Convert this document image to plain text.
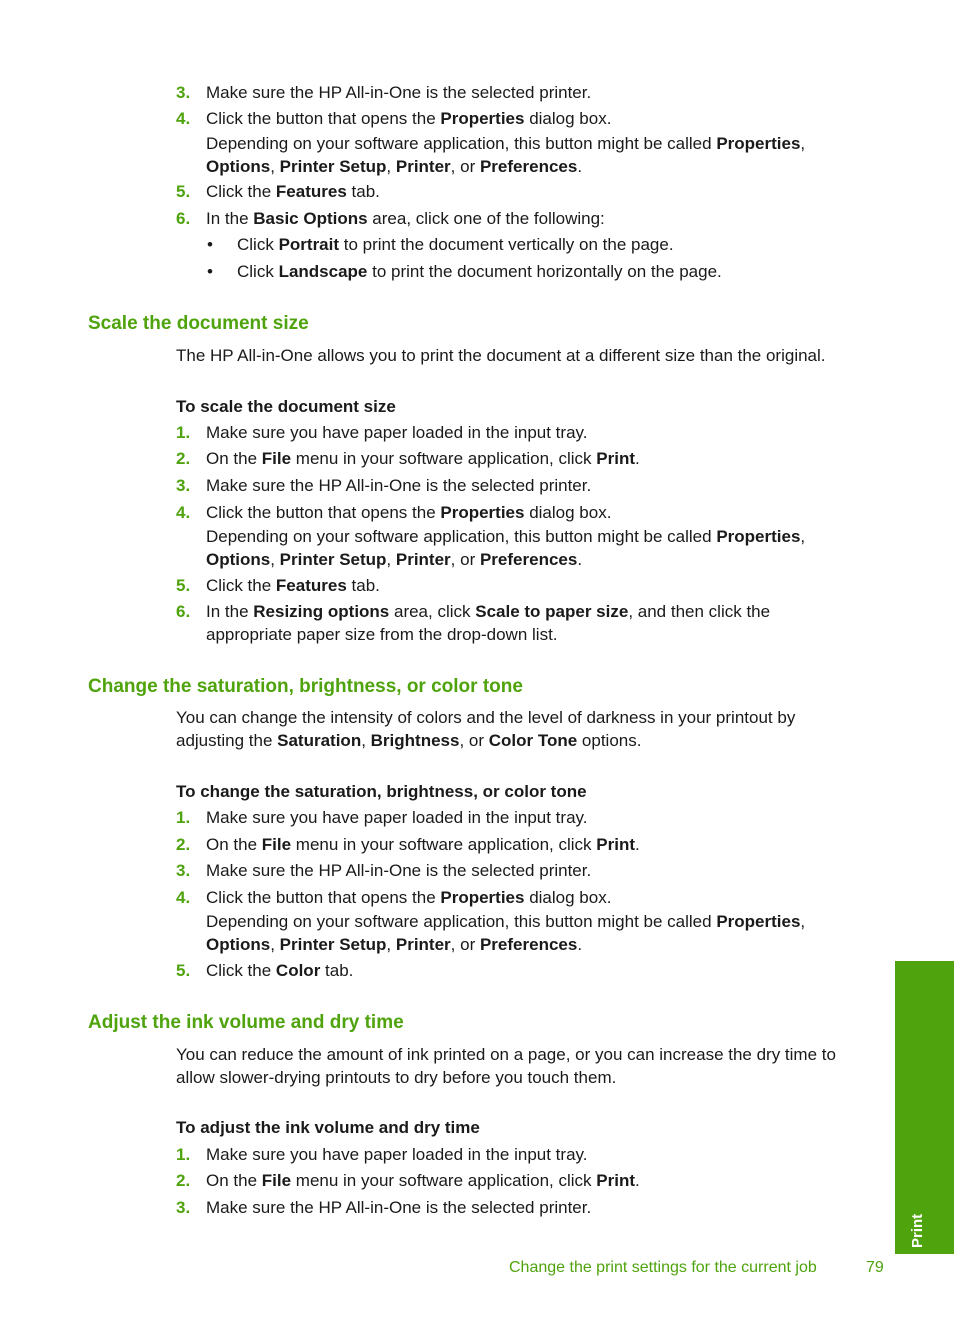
3. Make sure the HP All-in-One is the selected printer.
4. Click the button that opens the Properties dialog box.
Depending on your software application, this button might be called Properties,
Options, Printer Setup, Printer, or Preferences.
5. Click the Features tab.
6. In the Basic Options area, click one of the following:
• Click Portrait to print the document vertically on the page.
• Click Landscape to print the document horizontally on the page.
Scale the document size
The HP All-in-One allows you to print the document at a different size than the original.
To scale the document size
1. Make sure you have paper loaded in the input tray.
2. On the File menu in your software application, click Print.
3. Make sure the HP All-in-One is the selected printer.
4. Click the button that opens the Properties dialog box.
Depending on your software application, this button might be called Properties,
Options, Printer Setup, Printer, or Preferences.
5. Click the Features tab.
6. In the Resizing options area, click Scale to paper size, and then click the
appropriate paper size from the drop-down list.
Change the saturation, brightness, or color tone
You can change the intensity of colors and the level of darkness in your printout by
adjusting the Saturation, Brightness, or Color Tone options.
To change the saturation, brightness, or color tone
1. Make sure you have paper loaded in the input tray.
2. On the File menu in your software application, click Print.
3. Make sure the HP All-in-One is the selected printer.
4. Click the button that opens the Properties dialog box.
Depending on your software application, this button might be called Properties,
Options, Printer Setup, Printer, or Preferences.
5. Click the Color tab.
Adjust the ink volume and dry time
You can reduce the amount of ink printed on a page, or you can increase the dry time to
allow slower-drying printouts to dry before you touch them.
To adjust the ink volume and dry time
1. Make sure you have paper loaded in the input tray.
2. On the File menu in your software application, click Print.
3. Make sure the HP All-in-One is the selected printer.
Print
Change the print settings for the current job	79
